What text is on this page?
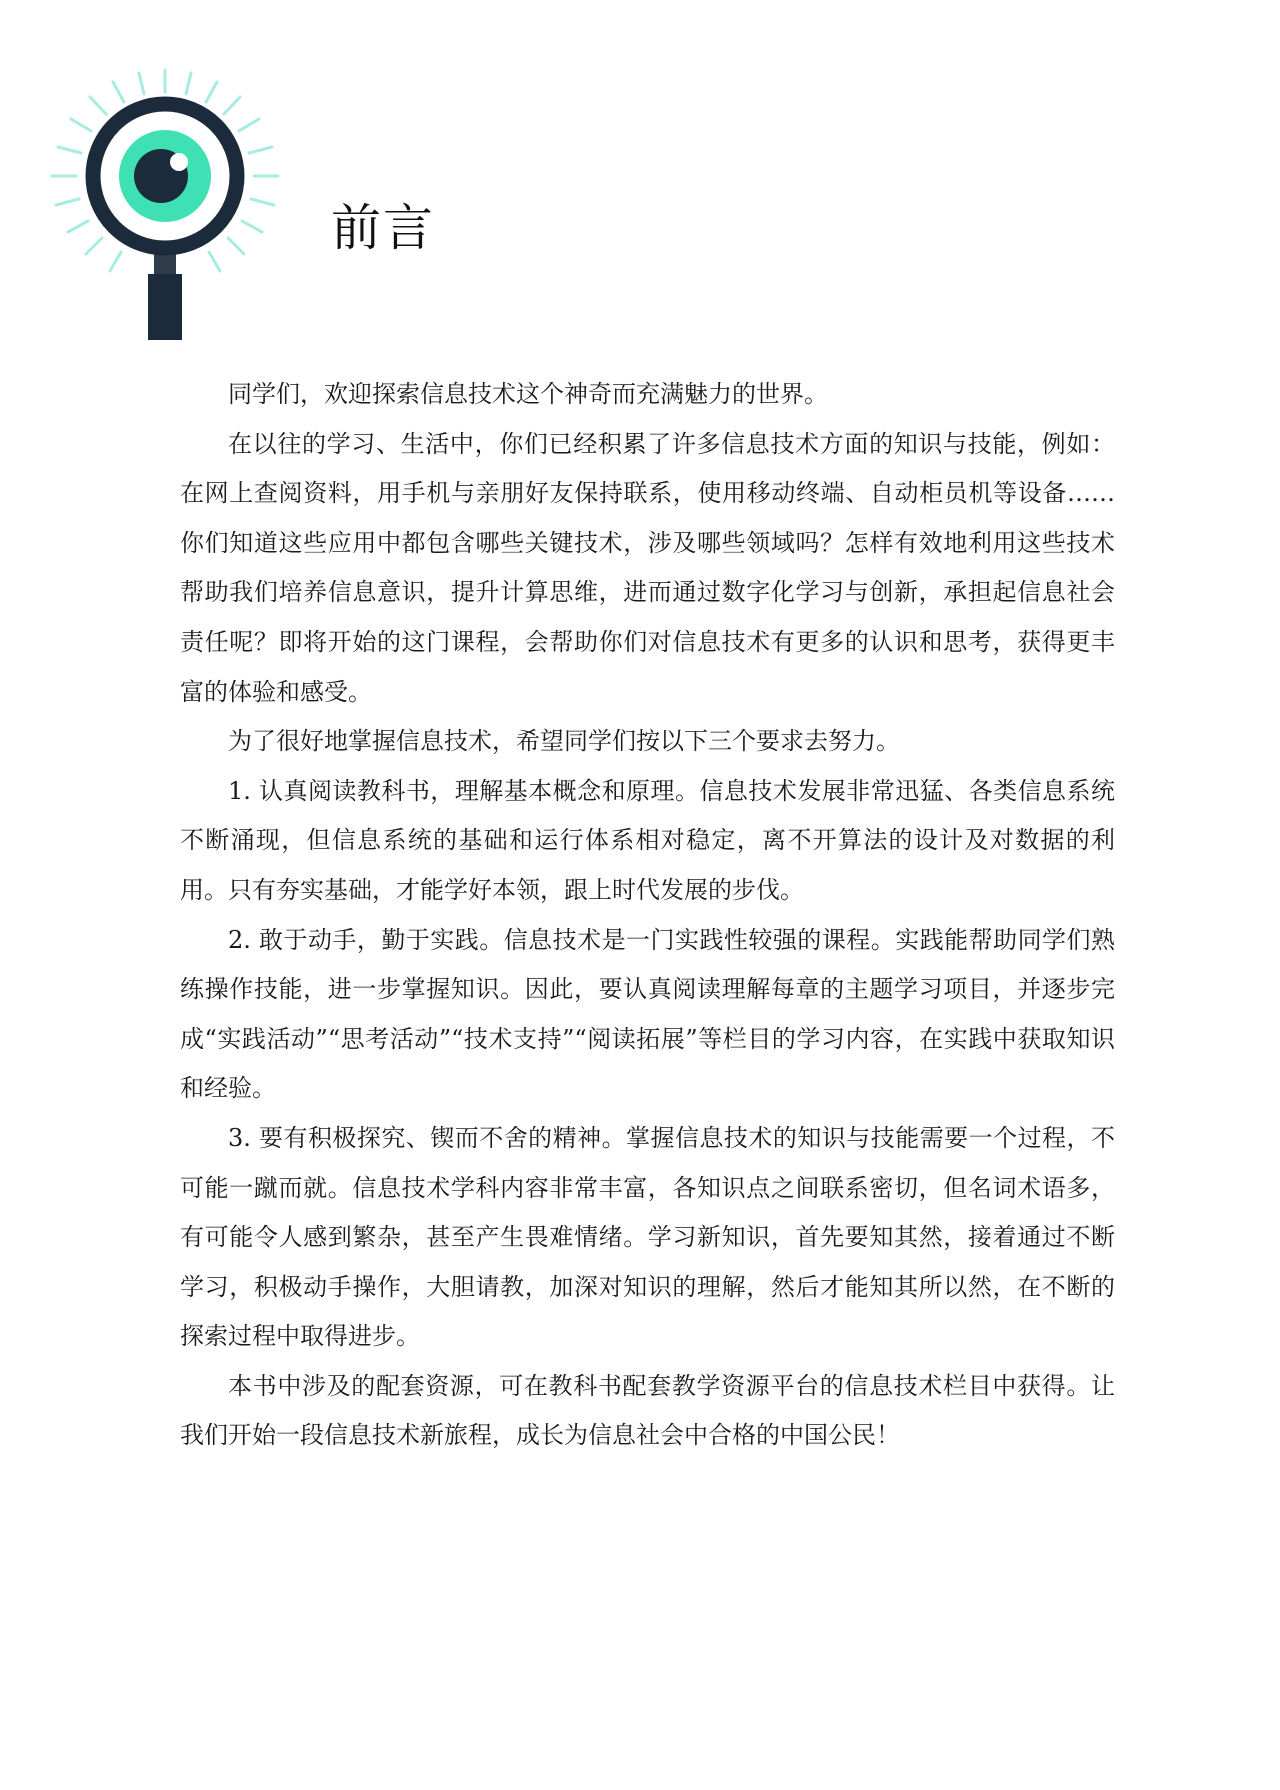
前言

同学们，欢迎探索信息技术这个神奇而充满魅力的世界。

在以往的学习、生活中，你们已经积累了许多信息技术方面的知识与技能，例如：在网上查阅资料，用手机与亲朋好友保持联系，使用移动终端、自动柜员机等设备……你们知道这些应用中都包含哪些关键技术，涉及哪些领域吗？怎样有效地利用这些技术帮助我们培养信息意识，提升计算思维，进而通过数字化学习与创新，承担起信息社会责任呢？即将开始的这门课程，会帮助你们对信息技术有更多的认识和思考，获得更丰富的体验和感受。

为了很好地掌握信息技术，希望同学们按以下三个要求去努力。

1. 认真阅读教科书，理解基本概念和原理。信息技术发展非常迅猛、各类信息系统不断涌现，但信息系统的基础和运行体系相对稳定，离不开算法的设计及对数据的利用。只有夯实基础，才能学好本领，跟上时代发展的步伐。

2. 敢于动手，勤于实践。信息技术是一门实践性较强的课程。实践能帮助同学们熟练操作技能，进一步掌握知识。因此，要认真阅读理解每章的主题学习项目，并逐步完成“实践活动”“思考活动”“技术支持”“阅读拓展”等栏目的学习内容，在实践中获取知识和经验。

3. 要有积极探究、锲而不舍的精神。掌握信息技术的知识与技能需要一个过程，不可能一蹴而就。信息技术学科内容非常丰富，各知识点之间联系密切，但名词术语多，有可能令人感到繁杂，甚至产生畏难情绪。学习新知识，首先要知其然，接着通过不断学习，积极动手操作，大胆请教，加深对知识的理解，然后才能知其所以然，在不断的探索过程中取得进步。

本书中涉及的配套资源，可在教科书配套教学资源平台的信息技术栏目中获得。让我们开始一段信息技术新旅程，成长为信息社会中合格的中国公民！
